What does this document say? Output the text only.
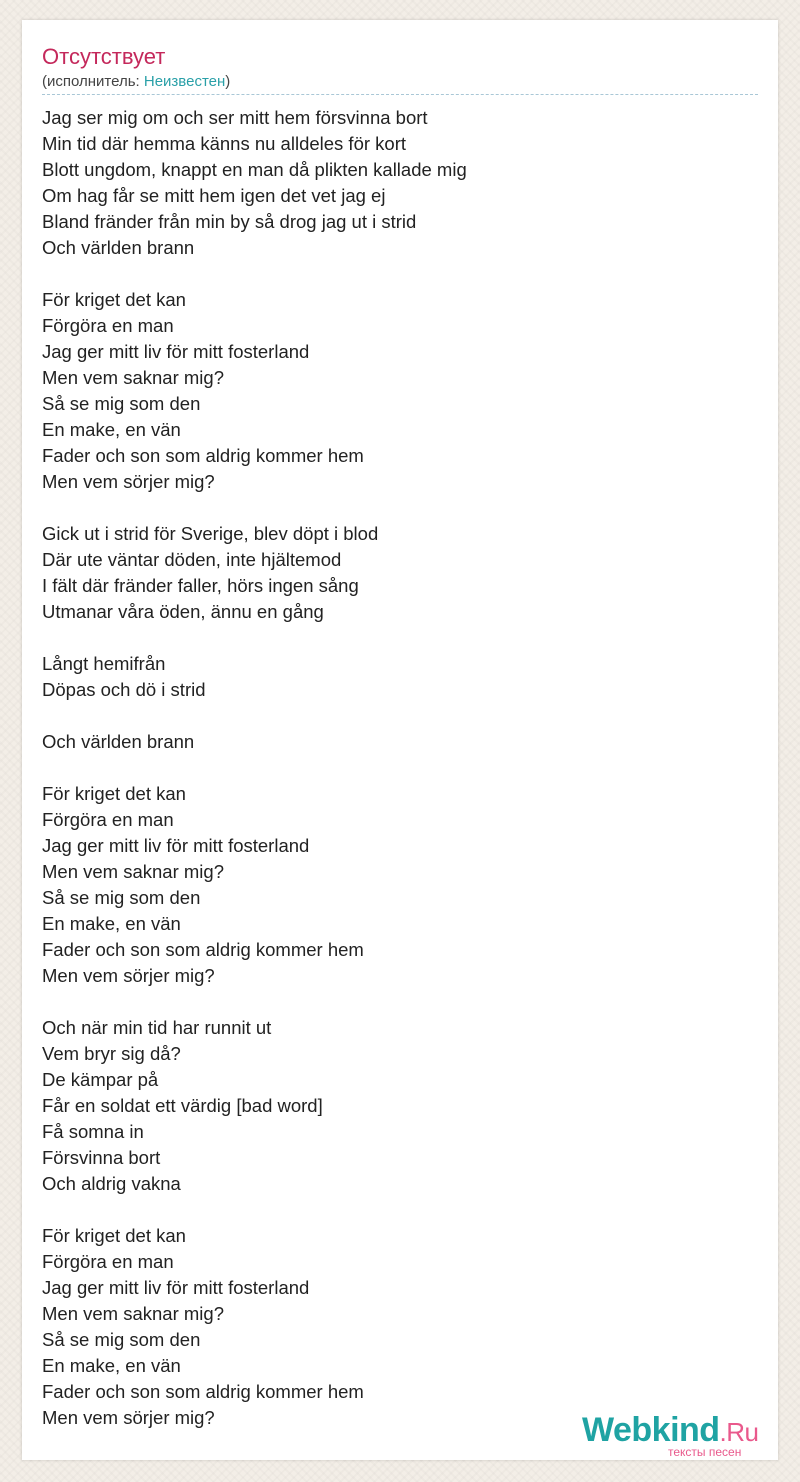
Отсутствует
(исполнитель: Неизвестен)
Jag ser mig om och ser mitt hem försvinna bort
Min tid där hemma känns nu alldeles för kort
Blott ungdom, knappt en man då plikten kallade mig
Om hag får se mitt hem igen det vet jag ej
Bland fränder från min by så drog jag ut i strid
Och världen brann
För kriget det kan
Förgöra en man
Jag ger mitt liv för mitt fosterland
Men vem saknar mig?
Så se mig som den
En make, en vän
Fader och son som aldrig kommer hem
Men vem sörjer mig?
Gick ut i strid för Sverige, blev döpt i blod
Där ute väntar döden, inte hjältemod
I fält där fränder faller, hörs ingen sång
Utmanar våra öden, ännu en gång
Långt hemifrån
Döpas och dö i strid
Och världen brann
För kriget det kan
Förgöra en man
Jag ger mitt liv för mitt fosterland
Men vem saknar mig?
Så se mig som den
En make, en vän
Fader och son som aldrig kommer hem
Men vem sörjer mig?
Och när min tid har runnit ut
Vem bryr sig då?
De kämpar på
Får en soldat ett värdig [bad word]
Få somna in
Försvinna bort
Och aldrig vakna
För kriget det kan
Förgöra en man
Jag ger mitt liv för mitt fosterland
Men vem saknar mig?
Så se mig som den
En make, en vän
Fader och son som aldrig kommer hem
Men vem sörjer mig?	Webkind.Ru
тексты песен
